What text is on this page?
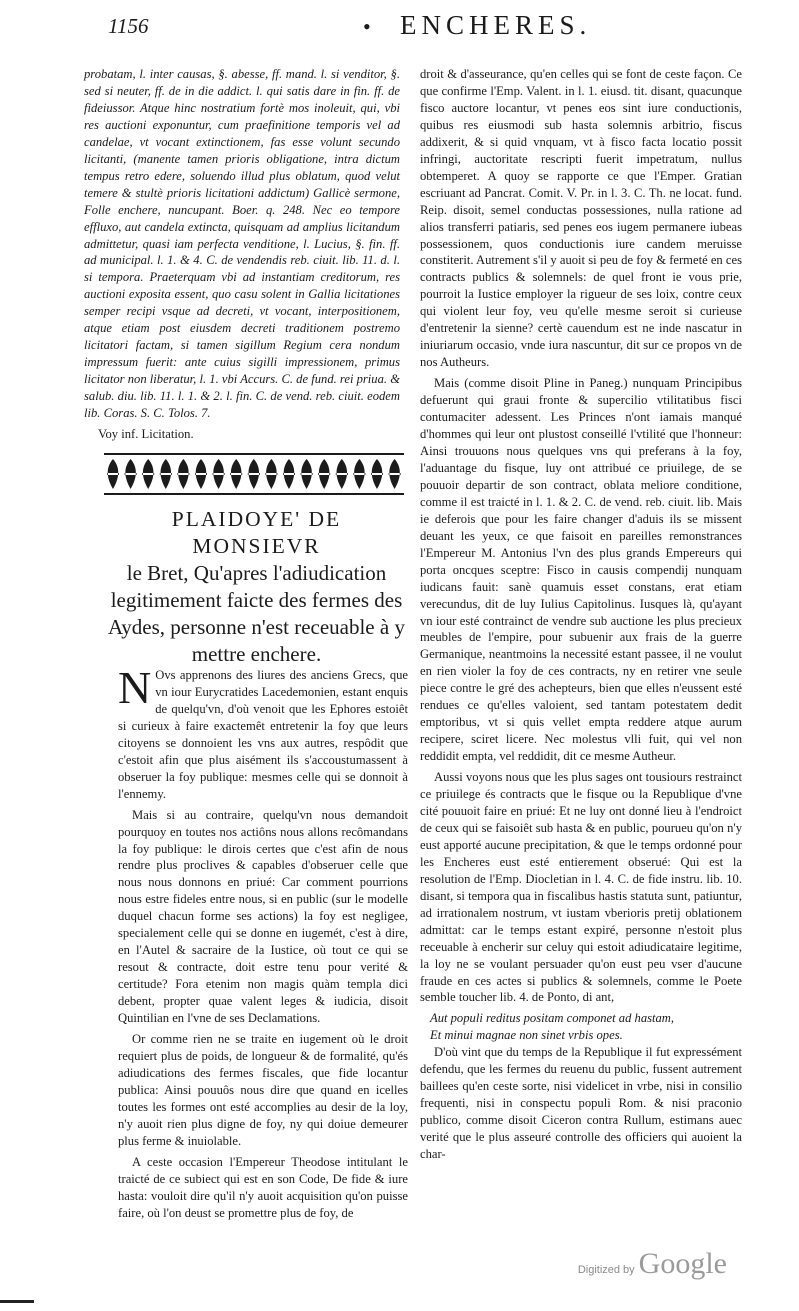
1156	• ENCHERES.

probatam, l. inter causas, §. abesse, ff. mand. l. si venditor, §. sed si neuter, ff. de in die addict. l. qui satis dare in fin. ff. de fideiussor. Atque hinc nostratium fortè mos inoleuit, qui, vbi res auctioni exponuntur, cum praefinitione temporis vel ad candelae, vt vocant extinctionem, fas esse volunt secundo licitanti, (manente tamen prioris obligatione, intra dictum tempus retro edere, soluendo illud plus oblatum, quod velut temere & stultè prioris licitationi addictum) Gallicè sermone, Folle enchere, nuncupant. Boer. q. 248. Nec eo tempore effluxo, aut candela extincta, quisquam ad amplius licitandum admittetur, quasi iam perfecta venditione, l. Lucius, §. fin. ff. ad municipal. l. 1. & 4. C. de vendendis reb. ciuit. lib. 11. d. l. si tempora. Praeterquam vbi ad instantiam creditorum, res auctioni exposita essent, quo casu solent in Gallia licitationes semper recipi vsque ad decreti, vt vocant, interpositionem, atque etiam post eiusdem decreti traditionem postremo licitatori factam, si tamen sigillum Regium cera nondum impressum fuerit: ante cuius sigilli impressionem, primus licitator non liberatur, l. 1. vbi Accurs. C. de fund. rei priua. & salub. diu. lib. 11. l. 1. & 2. l. fin. C. de vend. reb. ciuit. eodem lib. Coras. S. C. Tolos. 7.

Voy inf. Licitation.

PLAIDOYE' DE MONSIEVR
le Bret, Qu'apres l'adiudication legitimement faicte des fermes des Aydes, personne n'est receuable à y mettre enchere.

N Ovs apprenons des liures des anciens Grecs, que vn iour Eurycratides Lacedemonien, estant enquis de quelqu'vn, d'où venoit que les Ephores estoiêt si curieux à faire exactemêt entretenir la foy que leurs citoyens se donnoient les vns aux autres, respôdit que c'estoit afin que plus aisément ils s'accoustumassent à obseruer la foy publique: mesmes celle qui se donnoit à l'ennemy.

Mais si au contraire, quelqu'vn nous demandoit pourquoy en toutes nos actiôns nous allons recômandans la foy publique: le dirois certes que c'est afin de nous rendre plus proclives & capables d'obseruer celle que nous nous donnons en priué: Car comment pourrions nous estre fideles entre nous, si en public (sur le modelle duquel chacun forme ses actions) la foy est negligee, specialement celle qui se donne en iugemét, c'est à dire, en l'Autel & sacraire de la Iustice, où tout ce qui se resout & contracte, doit estre tenu pour verité & certitude? Fora etenim non magis quàm templa dici debent, propter quae valent leges & iudicia, disoit Quintilian en l'vne de ses Declamations.

Or comme rien ne se traite en iugement où le droit requiert plus de poids, de longueur & de formalité, qu'és adiudications des fermes fiscales, que fide locantur publica: Ainsi pouuôs nous dire que quand en icelles toutes les formes ont esté accomplies au desir de la loy, n'y auoit rien plus digne de foy, ny qui doiue demeurer plus ferme & inuiolable.

A ceste occasion l'Empereur Theodose intitulant le traicté de ce subiect qui est en son Code, De fide & iure hasta: vouloit dire qu'il n'y auoit acquisition qu'on puisse faire, où l'on deust se promettre plus de foy, de

droit & d'asseurance, qu'en celles qui se font de ceste façon. Ce que confirme l'Emp. Valent. in l. 1. eiusd. tit. disant, quacunque fisco auctore locantur, vt penes eos sint iure conductionis, quibus res eiusmodi sub hasta solemnis arbitrio, fiscus addixerit, & si quid vnquam, vt à fisco facta locatio possit infringi, auctoritate rescripti fuerit impetratum, nullus obtemperet. A quoy se rapporte ce que l'Emper. Gratian escriuant ad Pancrat. Comit. V. Pr. in l. 3. C. Th. ne locat. fund. Reip. disoit, semel conductas possessiones, nulla ratione ad alios transferri patiaris, sed penes eos iugem permanere iubeas possessionem, quos conductionis iure candem meruisse constiterit. Autrement s'il y auoit si peu de foy & fermeté en ces contracts publics & solemnels: de quel front ie vous prie, pourroit la Iustice employer la rigueur de ses loix, contre ceux qui violent leur foy, veu qu'elle mesme seroit si curieuse d'entretenir la sienne? certè cauendum est ne inde nascatur in iniuriarum occasio, vnde iura nascuntur, dit sur ce propos vn de nos Autheurs.

Mais (comme disoit Pline in Paneg.) nunquam Principibus defuerunt qui graui fronte & supercilio vtilitatibus fisci contumaciter adessent. Les Princes n'ont iamais manqué d'hommes qui leur ont plustost conseillé l'vtilité que l'honneur: Ainsi trouuons nous quelques vns qui preferans à la foy, l'aduantage du fisque, luy ont attribué ce priuilege, de se pouuoir departir de son contract, oblata meliore conditione, comme il est traicté in l. 1. & 2. C. de vend. reb. ciuit. lib. Mais ie deferois que pour les faire changer d'aduis ils se missent deuant les yeux, ce que faisoit en pareilles remonstrances l'Empereur M. Antonius l'vn des plus grands Empereurs qui porta oncques sceptre: Fisco in causis compendij nunquam iudicans fauit: sanè quamuis esset constans, erat etiam verecundus, dit de luy Iulius Capitolinus. Iusques là, qu'ayant vn iour esté contrainct de vendre sub auctione les plus precieux meubles de l'empire, pour subuenir aux frais de la guerre Germanique, neantmoins la necessité estant passee, il ne voulut en rien violer la foy de ces contracts, ny en retirer vne seule piece contre le gré des achepteurs, bien que elles n'eussent esté rendues ce qu'elles valoient, sed tantam potestatem dedit emptoribus, vt si quis vellet empta reddere atque aurum recipere, sciret licere. Nec molestus vlli fuit, qui vel non reddidit empta, vel reddidit, dit ce mesme Autheur.

Aussi voyons nous que les plus sages ont tousiours restrainct ce priuilege és contracts que le fisque ou la Republique d'vne cité pouuoit faire en priué: Et ne luy ont donné lieu à l'endroict de ceux qui se faisoiêt sub hasta & en public, pourueu qu'on n'y eust apporté aucune precipitation, & que le temps ordonné pour les Encheres eust esté entierement obserué: Qui est la resolution de l'Emp. Diocletian in l. 4. C. de fide instru. lib. 10. disant, si tempora qua in fiscalibus hastis statuta sunt, patiuntur, ad irrationalem nostrum, vt iustam vberioris pretij oblationem admittat: car le temps estant expiré, personne n'estoit plus receuable à encherir sur celuy qui estoit adiudicataire legitime, la loy ne se voulant persuader qu'on eust peu vser d'aucune fraude en ces actes si publics & solemnels, comme le Poete semble toucher lib. 4. de Ponto, di ant,

Aut populi reditus positam componet ad hastam,
Et minui magnae non sinet vrbis opes.

D'où vint que du temps de la Republique il fut expressément defendu, que les fermes du reuenu du public, fussent autrement baillees qu'en ceste sorte, nisi videlicet in vrbe, nisi in consilio frequenti, nisi in conspectu populi Rom. & nisi praconio publico, comme disoit Ciceron contra Rullum, estimans auec verité que le plus asseuré controlle des officiers qui auoient la char-

Digitized by Google
